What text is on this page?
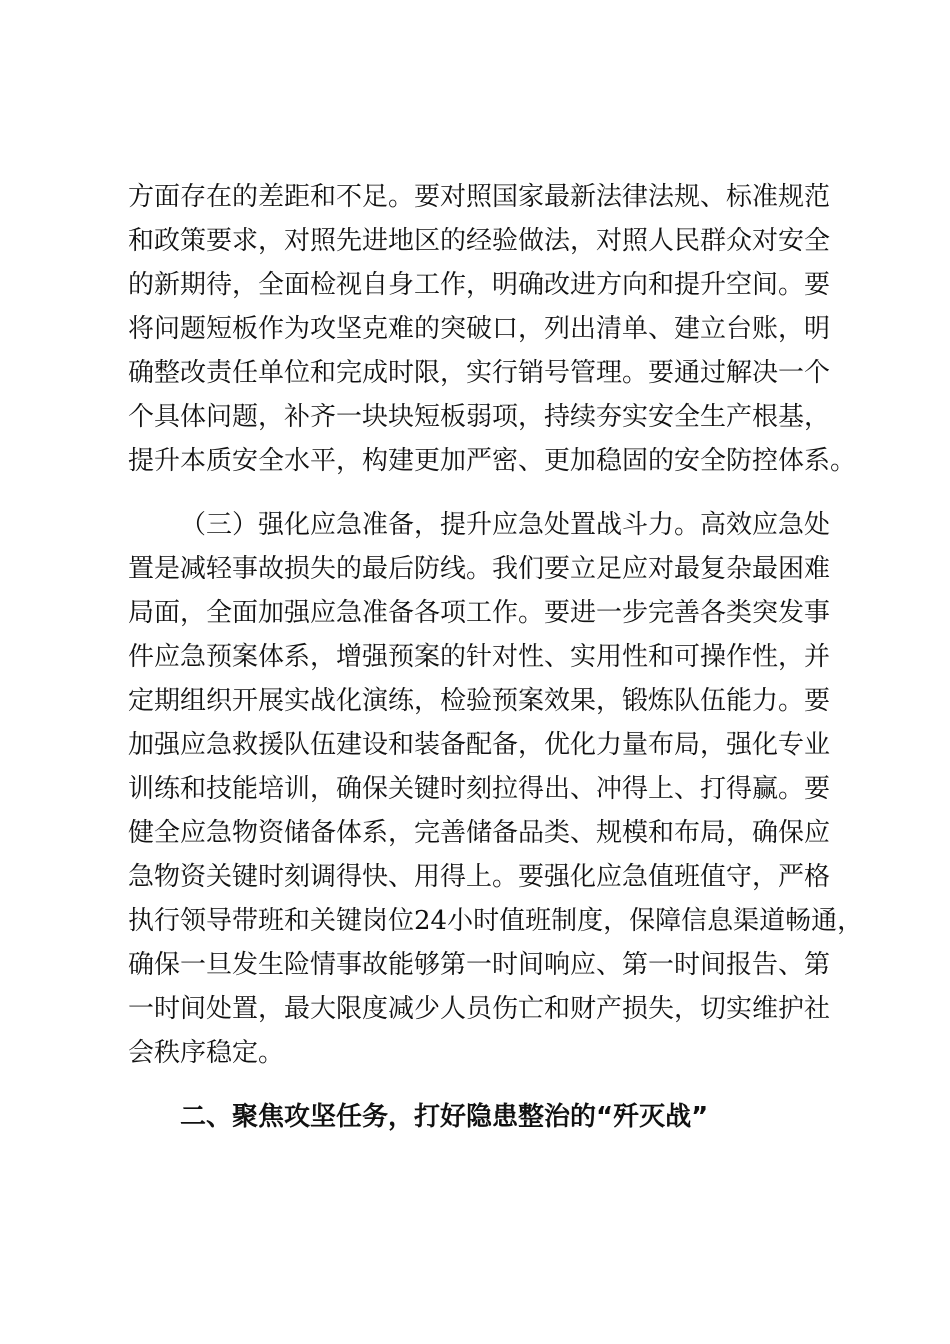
方面存在的差距和不足。要对照国家最新法律法规、标准规范
和政策要求，对照先进地区的经验做法，对照人民群众对安全
的新期待，全面检视自身工作，明确改进方向和提升空间。要
将问题短板作为攻坚克难的突破口，列出清单、建立台账，明
确整改责任单位和完成时限，实行销号管理。要通过解决一个
个具体问题，补齐一块块短板弱项，持续夯实安全生产根基，
提升本质安全水平，构建更加严密、更加稳固的安全防控体系。
（三）强化应急准备，提升应急处置战斗力。高效应急处
置是减轻事故损失的最后防线。我们要立足应对最复杂最困难
局面，全面加强应急准备各项工作。要进一步完善各类突发事
件应急预案体系，增强预案的针对性、实用性和可操作性，并
定期组织开展实战化演练，检验预案效果，锻炼队伍能力。要
加强应急救援队伍建设和装备配备，优化力量布局，强化专业
训练和技能培训，确保关键时刻拉得出、冲得上、打得赢。要
健全应急物资储备体系，完善储备品类、规模和布局，确保应
急物资关键时刻调得快、用得上。要强化应急值班值守，严格
执行领导带班和关键岗位24小时值班制度，保障信息渠道畅通，
确保一旦发生险情事故能够第一时间响应、第一时间报告、第
一时间处置，最大限度减少人员伤亡和财产损失，切实维护社
会秩序稳定。
二、聚焦攻坚任务，打好隐患整治的“歼灭战”
